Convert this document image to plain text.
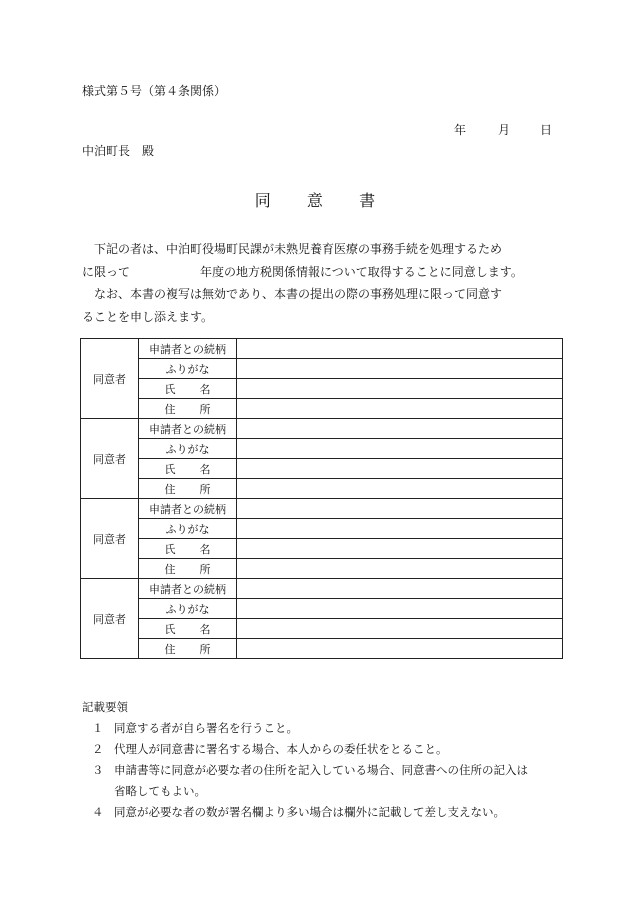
様式第５号（第４条関係）
年	月	日
中泊町長　殿
同 意 書

下記の者は、中泊町役場町民課が未熟児養育医療の事務手続を処理するため

に限って	年度の地方税関係情報について取得することに同意します。

なお、本書の複写は無効であり、本書の提出の際の事務処理に限って同意す

ることを申し添えます。

同意者	申請者との続柄	
	ふりがな	

	氏 名	

	住 所	

同意者	申請者との続柄	
	ふりがな	

	氏 名	

	住 所	

同意者	申請者との続柄	
	ふりがな	

	氏 名	

	住 所	

同意者	申請者との続柄	
	ふりがな	

	氏 名	

	住 所	

記載要領
１ 同意する者が自ら署名を行うこと。
２ 代理人が同意書に署名する場合、本人からの委任状をとること。
３ 申請書等に同意が必要な者の住所を記入している場合、同意書への住所の記入は
省略してもよい。
４ 同意が必要な者の数が署名欄より多い場合は欄外に記載して差し支えない。
